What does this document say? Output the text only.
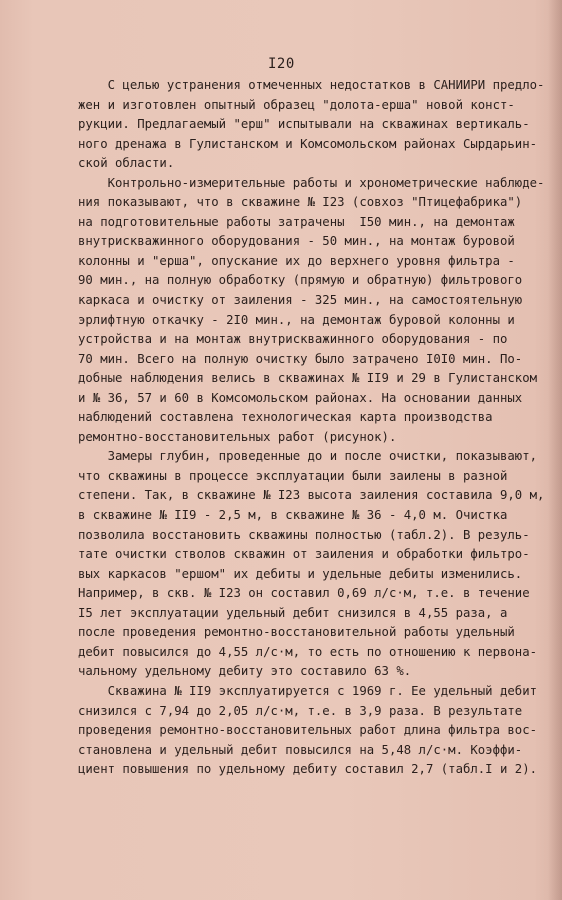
I20
С целью устранения отмеченных недостатков в САНИИРИ предло-
жен и изготовлен опытный образец "долота-ерша" новой конст-
рукции. Предлагаемый "ерш" испытывали на скважинах вертикаль-
ного дренажа в Гулистанском и Комсомольском районах Сырдарьин-
ской области.
Контрольно-измерительные работы и хронометрические наблюде-
ния показывают, что в скважине № I23 (совхоз "Птицефабрика")
на подготовительные работы затрачены  I50 мин., на демонтаж
внутрискважинного оборудования - 50 мин., на монтаж буровой
колонны и "ерша", опускание их до верхнего уровня фильтра -
90 мин., на полную обработку (прямую и обратную) фильтрового
каркаса и очистку от заиления - 325 мин., на самостоятельную
эрлифтную откачку - 2I0 мин., на демонтаж буровой колонны и
устройства и на монтаж внутрискважинного оборудования - по
70 мин. Всего на полную очистку было затрачено I0I0 мин. По-
добные наблюдения велись в скважинах № II9 и 29 в Гулистанском
и № 36, 57 и 60 в Комсомольском районах. На основании данных
наблюдений составлена технологическая карта производства
ремонтно-восстановительных работ (рисунок).
Замеры глубин, проведенные до и после очистки, показывают,
что скважины в процессе эксплуатации были заилены в разной
степени. Так, в скважине № I23 высота заиления составила 9,0 м,
в скважине № II9 - 2,5 м, в скважине № 36 - 4,0 м. Очистка
позволила восстановить скважины полностью (табл.2). В резуль-
тате очистки стволов скважин от заиления и обработки фильтро-
вых каркасов "ершом" их дебиты и удельные дебиты изменились.
Например, в скв. № I23 он составил 0,69 л/с·м, т.е. в течение
I5 лет эксплуатации удельный дебит снизился в 4,55 раза, а
после проведения ремонтно-восстановительной работы удельный
дебит повысился до 4,55 л/с·м, то есть по отношению к первона-
чальному удельному дебиту это составило 63 %.
Скважина № II9 эксплуатируется с 1969 г. Ее удельный дебит
снизился с 7,94 до 2,05 л/с·м, т.е. в 3,9 раза. В результате
проведения ремонтно-восстановительных работ длина фильтра вос-
становлена и удельный дебит повысился на 5,48 л/с·м. Коэффи-
циент повышения по удельному дебиту составил 2,7 (табл.I и 2).
